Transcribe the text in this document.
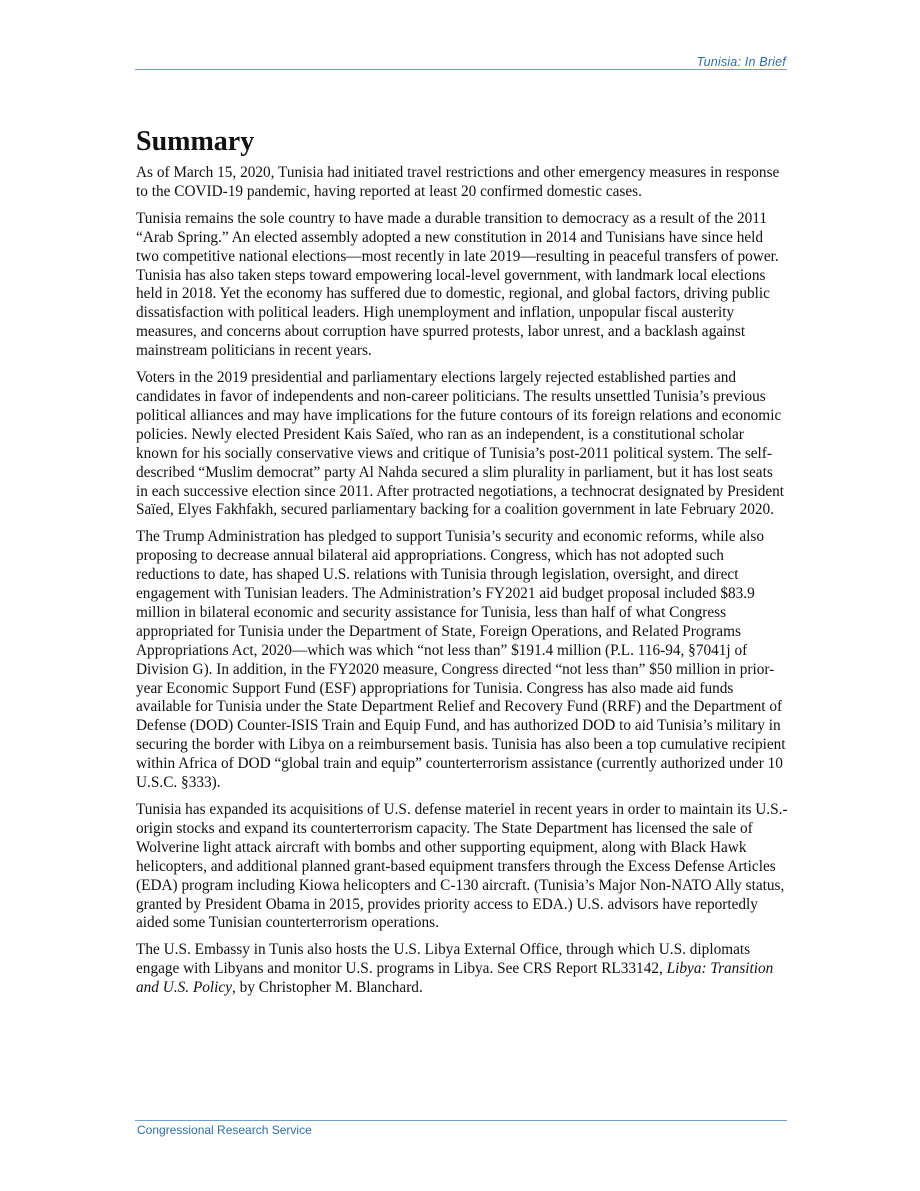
Tunisia: In Brief
Summary

As of March 15, 2020, Tunisia had initiated travel restrictions and other emergency measures in response to the COVID-19 pandemic, having reported at least 20 confirmed domestic cases.

Tunisia remains the sole country to have made a durable transition to democracy as a result of the 2011 “Arab Spring.” An elected assembly adopted a new constitution in 2014 and Tunisians have since held two competitive national elections—most recently in late 2019—resulting in peaceful transfers of power. Tunisia has also taken steps toward empowering local-level government, with landmark local elections held in 2018. Yet the economy has suffered due to domestic, regional, and global factors, driving public dissatisfaction with political leaders. High unemployment and inflation, unpopular fiscal austerity measures, and concerns about corruption have spurred protests, labor unrest, and a backlash against mainstream politicians in recent years.

Voters in the 2019 presidential and parliamentary elections largely rejected established parties and candidates in favor of independents and non-career politicians. The results unsettled Tunisia’s previous political alliances and may have implications for the future contours of its foreign relations and economic policies. Newly elected President Kais Saïed, who ran as an independent, is a constitutional scholar known for his socially conservative views and critique of Tunisia’s post-2011 political system. The self-described “Muslim democrat” party Al Nahda secured a slim plurality in parliament, but it has lost seats in each successive election since 2011. After protracted negotiations, a technocrat designated by President Saïed, Elyes Fakhfakh, secured parliamentary backing for a coalition government in late February 2020.

The Trump Administration has pledged to support Tunisia’s security and economic reforms, while also proposing to decrease annual bilateral aid appropriations. Congress, which has not adopted such reductions to date, has shaped U.S. relations with Tunisia through legislation, oversight, and direct engagement with Tunisian leaders. The Administration’s FY2021 aid budget proposal included $83.9 million in bilateral economic and security assistance for Tunisia, less than half of what Congress appropriated for Tunisia under the Department of State, Foreign Operations, and Related Programs Appropriations Act, 2020—which was which “not less than” $191.4 million (P.L. 116-94, §7041j of Division G). In addition, in the FY2020 measure, Congress directed “not less than” $50 million in prior-year Economic Support Fund (ESF) appropriations for Tunisia. Congress has also made aid funds available for Tunisia under the State Department Relief and Recovery Fund (RRF) and the Department of Defense (DOD) Counter-ISIS Train and Equip Fund, and has authorized DOD to aid Tunisia’s military in securing the border with Libya on a reimbursement basis. Tunisia has also been a top cumulative recipient within Africa of DOD “global train and equip” counterterrorism assistance (currently authorized under 10 U.S.C. §333).

Tunisia has expanded its acquisitions of U.S. defense materiel in recent years in order to maintain its U.S.-origin stocks and expand its counterterrorism capacity. The State Department has licensed the sale of Wolverine light attack aircraft with bombs and other supporting equipment, along with Black Hawk helicopters, and additional planned grant-based equipment transfers through the Excess Defense Articles (EDA) program including Kiowa helicopters and C-130 aircraft. (Tunisia’s Major Non-NATO Ally status, granted by President Obama in 2015, provides priority access to EDA.) U.S. advisors have reportedly aided some Tunisian counterterrorism operations.

The U.S. Embassy in Tunis also hosts the U.S. Libya External Office, through which U.S. diplomats engage with Libyans and monitor U.S. programs in Libya. See CRS Report RL33142, Libya: Transition and U.S. Policy, by Christopher M. Blanchard.

Congressional Research Service
